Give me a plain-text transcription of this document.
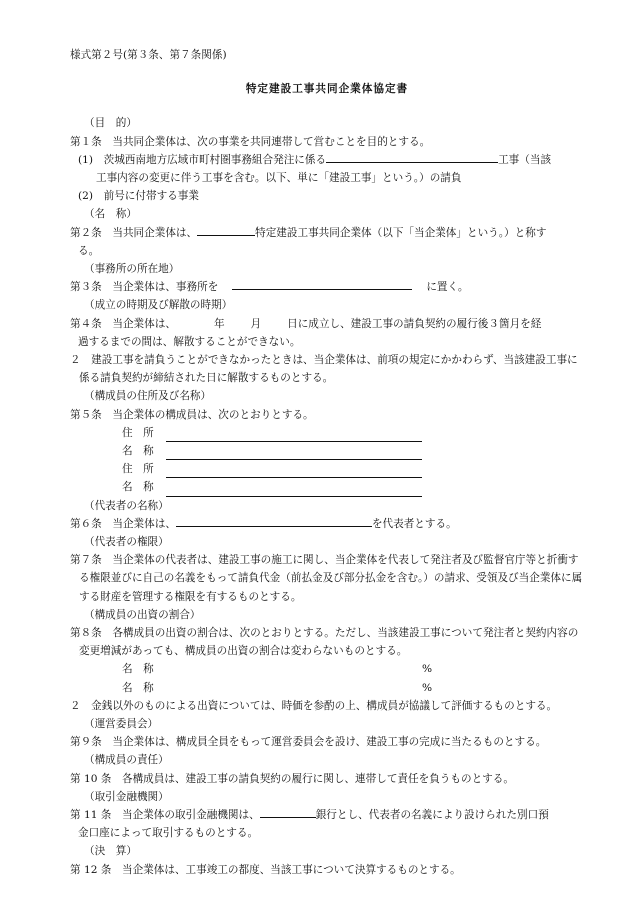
様式第２号(第３条、第７条関係)
特定建設工事共同企業体協定書
（目　的）
第１条　当共同企業体は、次の事業を共同連帯して営むことを目的とする。
(1)　茨城西南地方広域市町村圏事務組合発注に係る	工事（当該
工事内容の変更に伴う工事を含む。以下、単に「建設工事」という。）の請負
(2)　前号に付帯する事業
（名　称）
第２条　当共同企業体は、	特定建設工事共同企業体（以下「当企業体」という。）と称す
る。
（事務所の所在地）
第３条　当企業体は、事務所を	に置く。
（成立の時期及び解散の時期）
第４条　当企業体は、	年 月 日に成立し、建設工事の請負契約の履行後３箇月を経
過するまでの間は、解散することができない。
２　建設工事を請負うことができなかったときは、当企業体は、前項の規定にかかわらず、当該建設工事に係る請負契約が締結された日に解散するものとする。
（構成員の住所及び名称）
第５条　当企業体の構成員は、次のとおりとする。
住　所
名　称
住　所
名　称
（代表者の名称）
第６条　当企業体は、	を代表者とする。
（代表者の権限）
第７条　当企業体の代表者は、建設工事の施工に関し、当企業体を代表して発注者及び監督官庁等と折衝する権限並びに自己の名義をもって請負代金（前払金及び部分払金を含む。）の請求、受領及び当企業体に属する財産を管理する権限を有するものとする。
（構成員の出資の割合）
第８条　各構成員の出資の割合は、次のとおりとする。ただし、当該建設工事について発注者と契約内容の変更増減があっても、構成員の出資の割合は変わらないものとする。
名　称	%
名　称	%
２　金銭以外のものによる出資については、時価を参酌の上、構成員が協議して評価するものとする。
（運営委員会）
第９条　当企業体は、構成員全員をもって運営委員会を設け、建設工事の完成に当たるものとする。
（構成員の責任）
第 10 条　各構成員は、建設工事の請負契約の履行に関し、連帯して責任を負うものとする。
（取引金融機関）
第 11 条　当企業体の取引金融機関は、	銀行とし、代表者の名義により設けられた別口預
金口座によって取引するものとする。
（決　算）
第 12 条　当企業体は、工事竣工の都度、当該工事について決算するものとする。
